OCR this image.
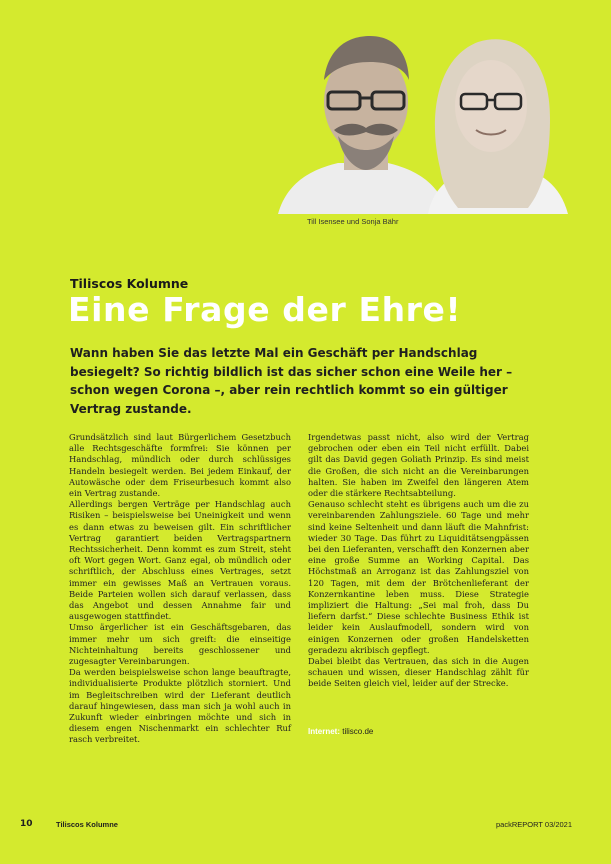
Till Isensee und Sonja Bähr
Tiliscos Kolumne
Eine Frage der Ehre!
Wann haben Sie das letzte Mal ein Geschäft per Handschlag besiegelt? So richtig bildlich ist das sicher schon eine Weile her – schon wegen Corona –, aber rein rechtlich kommt so ein gültiger Vertrag zustande.

Grundsätzlich sind laut Bürgerlichem Gesetzbuch alle Rechtsgeschäfte formfrei: Sie können per Handschlag, mündlich oder durch schlüssiges Handeln besiegelt werden. Bei jedem Einkauf, der Autowäsche oder dem Friseurbesuch kommt also ein Vertrag zustande.

Allerdings bergen Verträge per Handschlag auch Risiken – beispielsweise bei Uneinigkeit und wenn es dann etwas zu beweisen gilt. Ein schriftlicher Vertrag garantiert beiden Vertragspartnern Rechtssicherheit. Denn kommt es zum Streit, steht oft Wort gegen Wort. Ganz egal, ob mündlich oder schriftlich, der Abschluss eines Vertrages, setzt immer ein gewisses Maß an Vertrauen voraus. Beide Parteien wollen sich darauf verlassen, dass das Angebot und dessen Annahme fair und ausgewogen stattfindet.

Umso ärgerlicher ist ein Geschäftsgebaren, das immer mehr um sich greift: die einseitige Nichteinhaltung bereits geschlossener und zugesagter Vereinbarungen.

Da werden beispielsweise schon lange beauftragte, individualisierte Produkte plötzlich storniert. Und im Begleitschreiben wird der Lieferant deutlich darauf hingewiesen, dass man sich ja wohl auch in Zukunft wieder einbringen möchte und sich in diesem engen Nischenmarkt ein schlechter Ruf rasch verbreitet.

Irgendetwas passt nicht, also wird der Vertrag gebrochen oder eben ein Teil nicht erfüllt. Dabei gilt das David gegen Goliath Prinzip. Es sind meist die Großen, die sich nicht an die Vereinbarungen halten. Sie haben im Zweifel den längeren Atem oder die stärkere Rechtsabteilung.

Genauso schlecht steht es übrigens auch um die zu vereinbarenden Zahlungsziele. 60 Tage und mehr sind keine Seltenheit und dann läuft die Mahnfrist: wieder 30 Tage. Das führt zu Liquiditätsengpässen bei den Lieferanten, verschafft den Konzernen aber eine große Summe an Working Capital. Das Höchstmaß an Arroganz ist das Zahlungsziel von 120 Tagen, mit dem der Brötchenlieferant der Konzernkantine leben muss. Diese Strategie impliziert die Haltung: „Sei mal froh, dass Du liefern darfst.“ Diese schlechte Business Ethik ist leider kein Auslaufmodell, sondern wird von einigen Konzernen oder großen Handelsketten geradezu akribisch gepflegt.

Dabei bleibt das Vertrauen, das sich in die Augen schauen und wissen, dieser Handschlag zählt für beide Seiten gleich viel, leider auf der Strecke.

Internet: tilisco.de
10	Tiliscos Kolumne	packREPORT 03/2021
